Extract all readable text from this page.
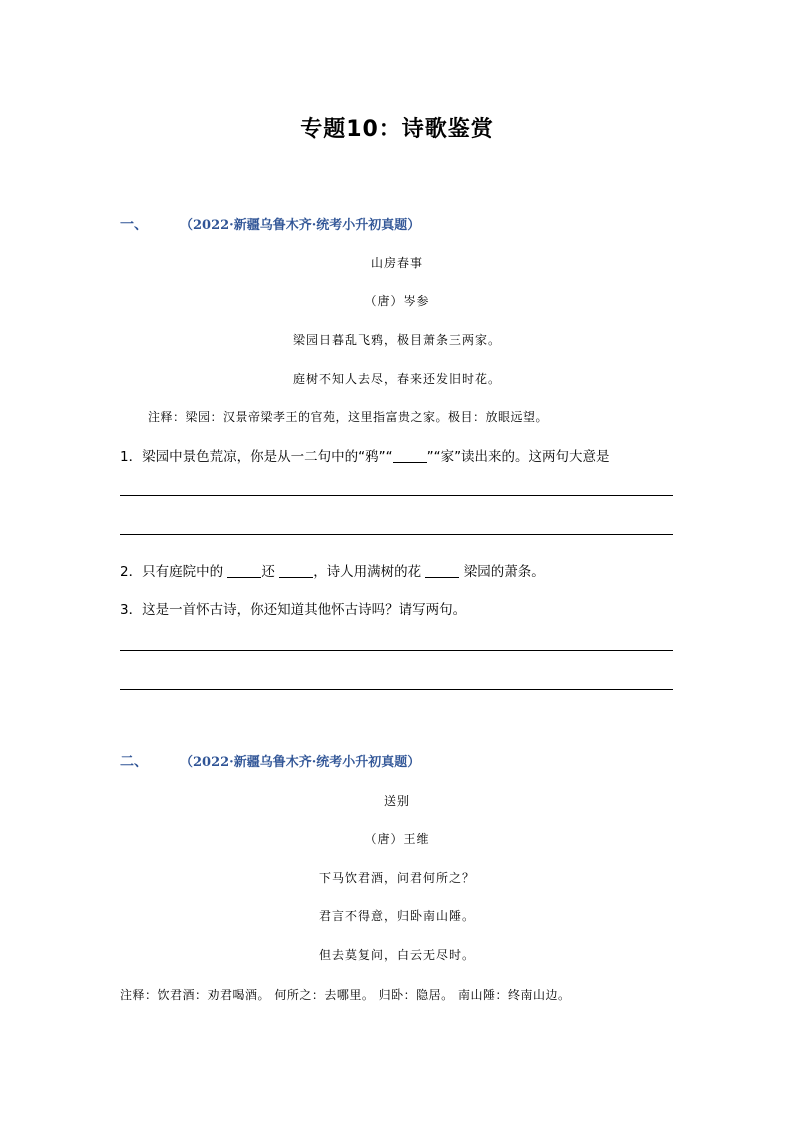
专题10：诗歌鉴赏
一、 （2022·新疆乌鲁木齐·统考小升初真题）
山房春事
（唐）岑参
梁园日暮乱飞鸦，极目萧条三两家。
庭树不知人去尽，春来还发旧时花。
注释：梁园：汉景帝梁孝王的官苑，这里指富贵之家。极目：放眼远望。
1．梁园中景色荒凉，你是从一二句中的“鸦”“	”“家”读出来的。这两句大意是
2．只有庭院中的	还	，诗人用满树的花	梁园的萧条。
3．这是一首怀古诗，你还知道其他怀古诗吗？请写两句。
二、 （2022·新疆乌鲁木齐·统考小升初真题）
送别
（唐）王维
下马饮君酒，问君何所之？
君言不得意，归卧南山陲。
但去莫复问，白云无尽时。
注释：饮君酒：劝君喝酒。 何所之：去哪里。 归卧：隐居。 南山陲：终南山边。
